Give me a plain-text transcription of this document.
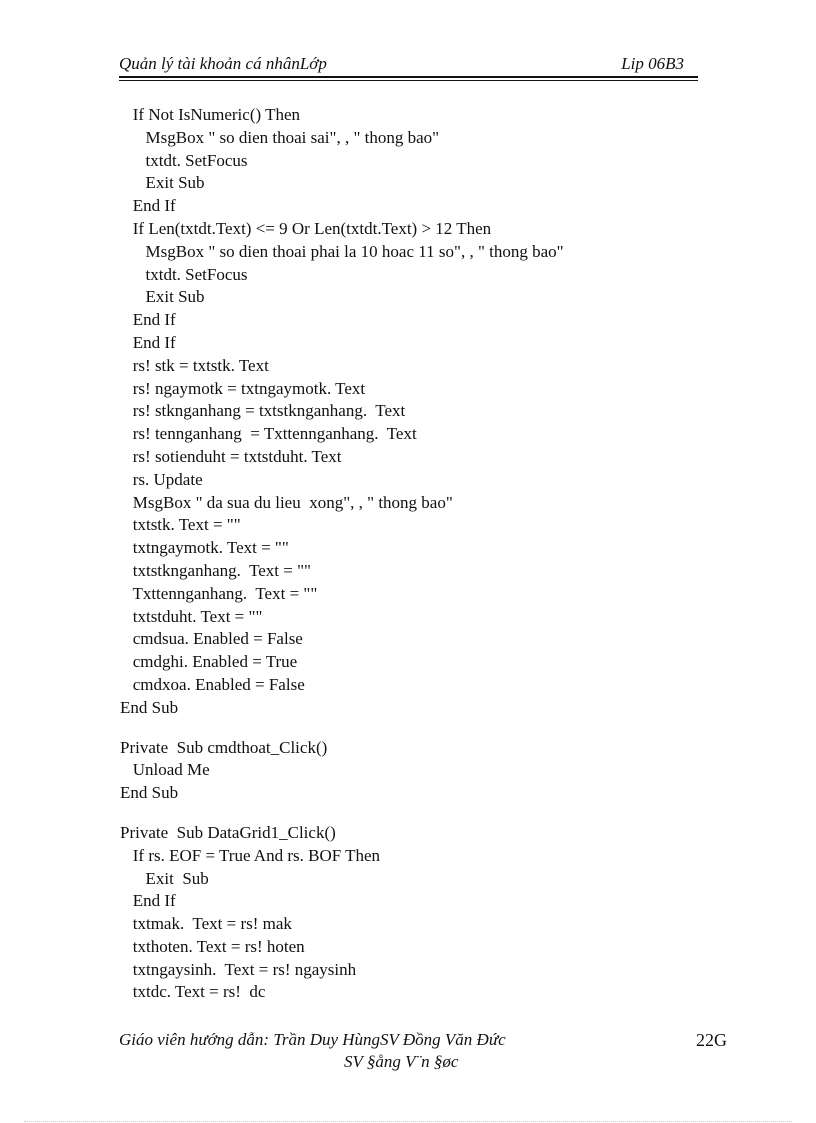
Quản lý tài khoản cá nhânLớp	Lip 06B3
If Not IsNumeric() Then
MsgBox " so dien thoai sai", , " thong bao"
txtdt. SetFocus
Exit Sub
End If
If Len(txtdt.Text) <= 9 Or Len(txtdt.Text) > 12 Then
MsgBox " so dien thoai phai la 10 hoac 11 so", , " thong bao"
txtdt. SetFocus
Exit Sub
End If
End If
rs! stk = txtstk. Text
rs! ngaymotk = txtngaymotk. Text
rs! stknganhang = txtstknganhang.  Text
rs! tennganhang  = Txttennganhang.  Text
rs! sotienduht = txtstduht. Text
rs. Update
MsgBox " da sua du lieu  xong", , " thong bao"
txtstk. Text = ""
txtngaymotk. Text = ""
txtstknganhang.  Text = ""
Txttennganhang.  Text = ""
txtstduht. Text = ""
cmdsua. Enabled = False
cmdghi. Enabled = True
cmdxoa. Enabled = False
End Sub
Private  Sub cmdthoat_Click()
Unload Me
End Sub
Private  Sub DataGrid1_Click()
If rs. EOF = True And rs. BOF Then
Exit  Sub
End If
txtmak.  Text = rs! mak
txthoten. Text = rs! hoten
txtngaysinh.  Text = rs! ngaysinh
txtdc. Text = rs!  dc
Giáo viên hướng dẫn: Trần Duy HùngSV Đồng Văn Đức	22G
SV §ång V¨n §øc
